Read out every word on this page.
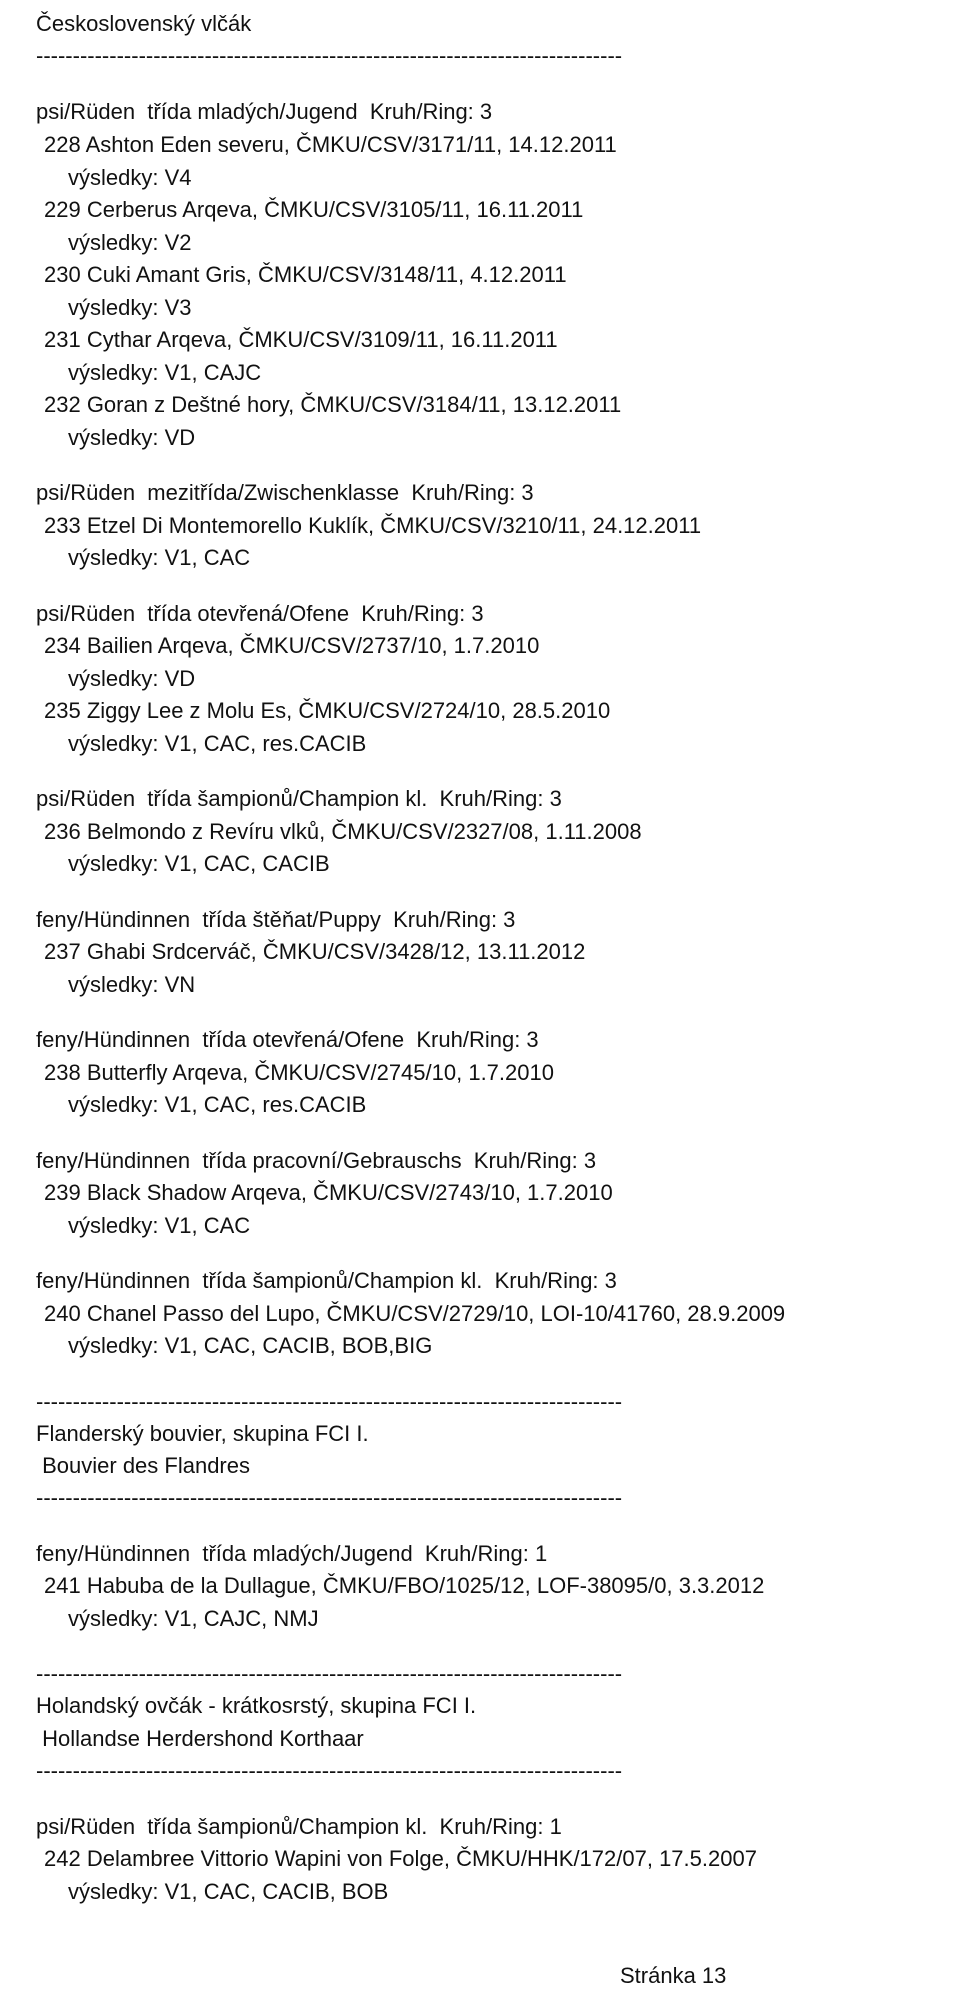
Československý vlčák
--------------------------------------------------------------------------------
psi/Rüden  třída mladých/Jugend  Kruh/Ring: 3
228 Ashton Eden severu, ČMKU/CSV/3171/11, 14.12.2011
výsledky: V4
229 Cerberus Arqeva, ČMKU/CSV/3105/11, 16.11.2011
výsledky: V2
230 Cuki Amant Gris, ČMKU/CSV/3148/11, 4.12.2011
výsledky: V3
231 Cythar Arqeva, ČMKU/CSV/3109/11, 16.11.2011
výsledky: V1, CAJC
232 Goran z Deštné hory, ČMKU/CSV/3184/11, 13.12.2011
výsledky: VD
psi/Rüden  mezitřída/Zwischenklasse  Kruh/Ring: 3
233 Etzel Di Montemorello Kuklík, ČMKU/CSV/3210/11, 24.12.2011
výsledky: V1, CAC
psi/Rüden  třída otevřená/Ofene  Kruh/Ring: 3
234 Bailien Arqeva, ČMKU/CSV/2737/10, 1.7.2010
výsledky: VD
235 Ziggy Lee z Molu Es, ČMKU/CSV/2724/10, 28.5.2010
výsledky: V1, CAC, res.CACIB
psi/Rüden  třída šampionů/Champion kl.  Kruh/Ring: 3
236 Belmondo z Revíru vlků, ČMKU/CSV/2327/08, 1.11.2008
výsledky: V1, CAC, CACIB
feny/Hündinnen  třída štěňat/Puppy  Kruh/Ring: 3
237 Ghabi Srdcerváč, ČMKU/CSV/3428/12, 13.11.2012
výsledky: VN
feny/Hündinnen  třída otevřená/Ofene  Kruh/Ring: 3
238 Butterfly Arqeva, ČMKU/CSV/2745/10, 1.7.2010
výsledky: V1, CAC, res.CACIB
feny/Hündinnen  třída pracovní/Gebrauschs  Kruh/Ring: 3
239 Black Shadow Arqeva, ČMKU/CSV/2743/10, 1.7.2010
výsledky: V1, CAC
feny/Hündinnen  třída šampionů/Champion kl.  Kruh/Ring: 3
240 Chanel Passo del Lupo, ČMKU/CSV/2729/10, LOI-10/41760, 28.9.2009
výsledky: V1, CAC, CACIB, BOB,BIG
--------------------------------------------------------------------------------
Flanderský bouvier, skupina FCI I.
Bouvier des Flandres
--------------------------------------------------------------------------------
feny/Hündinnen  třída mladých/Jugend  Kruh/Ring: 1
241 Habuba de la Dullague, ČMKU/FBO/1025/12, LOF-38095/0, 3.3.2012
výsledky: V1, CAJC, NMJ
--------------------------------------------------------------------------------
Holandský ovčák - krátkosrstý, skupina FCI I.
Hollandse Herdershond Korthaar
--------------------------------------------------------------------------------
psi/Rüden  třída šampionů/Champion kl.  Kruh/Ring: 1
242 Delambree Vittorio Wapini von Folge, ČMKU/HHK/172/07, 17.5.2007
výsledky: V1, CAC, CACIB, BOB
Stránka 13
